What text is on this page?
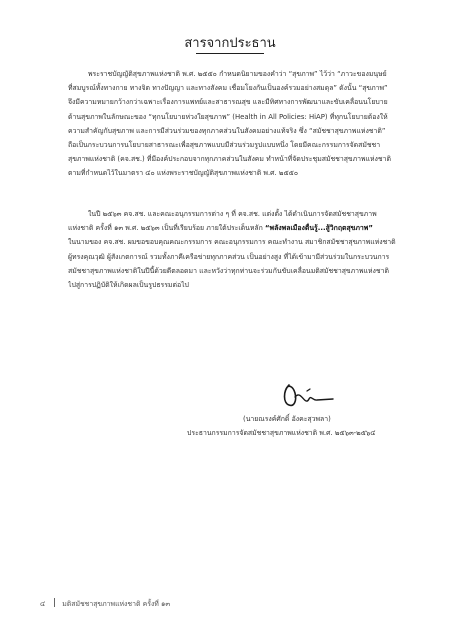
สารจากประธาน
พระราชบัญญัติสุขภาพแห่งชาติ พ.ศ. ๒๕๕๐ กำหนดนิยามของคำว่า “สุขภาพ” ไว้ว่า “ภาวะของมนุษย์
ที่สมบูรณ์ทั้งทางกาย ทางจิต ทางปัญญา และทางสังคม เชื่อมโยงกันเป็นองค์รวมอย่างสมดุล” ดังนั้น “สุขภาพ”
จึงมีความหมายกว้างกว่าเฉพาะเรื่องการแพทย์และสาธารณสุข และมีทิศทางการพัฒนาและขับเคลื่อนนโยบาย
ด้านสุขภาพในลักษณะของ “ทุกนโยบายห่วงใยสุขภาพ” (Health in All Policies: HiAP) ที่ทุกนโยบายต้องให้
ความสำคัญกับสุขภาพ และการมีส่วนร่วมของทุกภาคส่วนในสังคมอย่างแท้จริง ซึ่ง “สมัชชาสุขภาพแห่งชาติ”
ถือเป็นกระบวนการนโยบายสาธารณะเพื่อสุขภาพแบบมีส่วนร่วมรูปแบบหนึ่ง โดยมีคณะกรรมการจัดสมัชชา
สุขภาพแห่งชาติ (คจ.สช.) ที่มีองค์ประกอบจากทุกภาคส่วนในสังคม ทำหน้าที่จัดประชุมสมัชชาสุขภาพแห่งชาติ
ตามที่กำหนดไว้ในมาตรา ๔๐ แห่งพระราชบัญญัติสุขภาพแห่งชาติ พ.ศ. ๒๕๕๐
ในปี ๒๕๖๓ คจ.สช. และคณะอนุกรรมการต่าง ๆ ที่ คจ.สช. แต่งตั้ง ได้ดำเนินการจัดสมัชชาสุขภาพ
แห่งชาติ ครั้งที่ ๑๓ พ.ศ. ๒๕๖๓ เป็นที่เรียบร้อย ภายใต้ประเด็นหลัก “พลังพลเมืองตื่นรู้...สู้วิกฤตสุขภาพ”
ในนามของ คจ.สช. ผมขอขอบคุณคณะกรรมการ คณะอนุกรรมการ คณะทำงาน สมาชิกสมัชชาสุขภาพแห่งชาติ
ผู้ทรงคุณวุฒิ ผู้สังเกตการณ์ รวมทั้งภาคีเครือข่ายทุกภาคส่วน เป็นอย่างสูง ที่ได้เข้ามามีส่วนร่วมในกระบวนการ
สมัชชาสุขภาพแห่งชาติในปีนี้ด้วยดีตลอดมา และหวังว่าทุกท่านจะร่วมกันขับเคลื่อนมติสมัชชาสุขภาพแห่งชาติ
ไปสู่การปฏิบัติให้เกิดผลเป็นรูปธรรมต่อไป
(นายณรงค์ศักดิ์ อังคะสุวพลา)
ประธานกรรมการจัดสมัชชาสุขภาพแห่งชาติ พ.ศ. ๒๕๖๓-๒๕๖๔
๔ มติสมัชชาสุขภาพแห่งชาติ ครั้งที่ ๑๓
